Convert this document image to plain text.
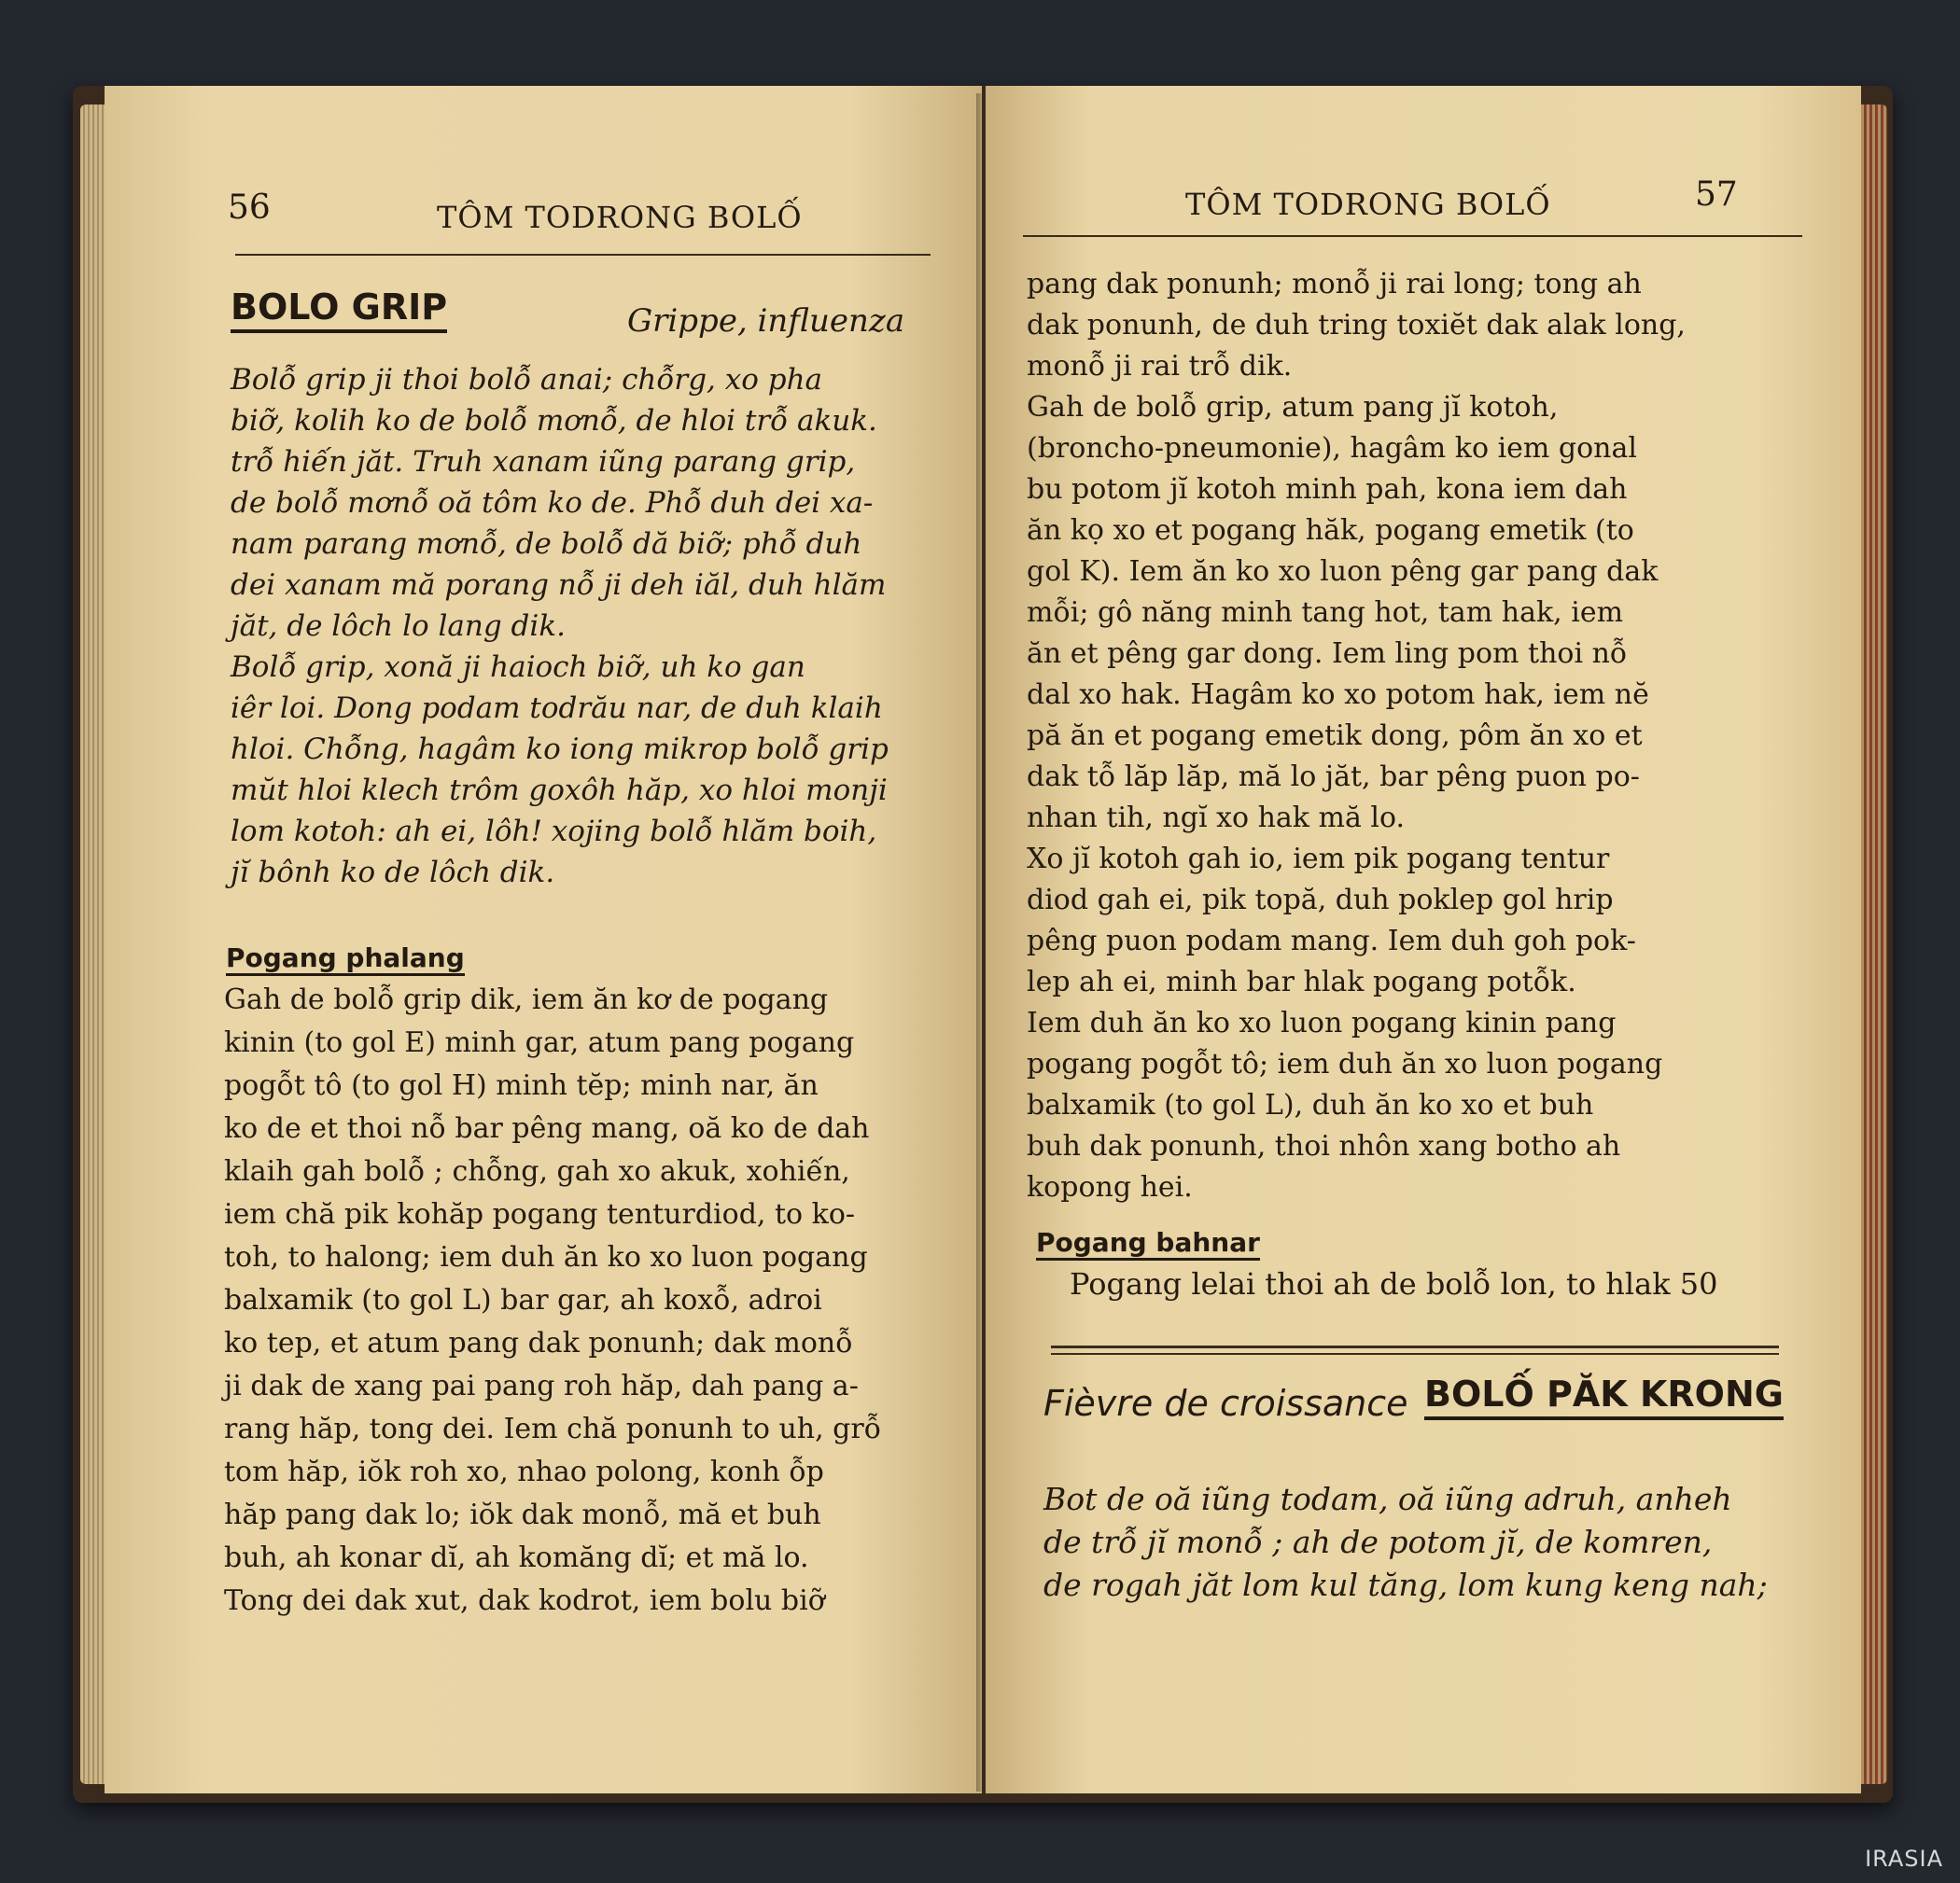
56	TÔM TODRONG BOLỐ
BOLO GRIP	Grippe, influenza
Bolỗ grip ji thoi bolỗ anai; chỗrg, xo pha
biỡ, kolih ko de bolỗ mơnỗ, de hloi trỗ akuk.
trỗ hiến jăt. Truh xanam iũng parang grip,
de bolỗ mơnỗ oă tôm ko de. Phỗ duh dei xa-
nam parang mơnỗ, de bolỗ dă biỡ; phỗ duh
dei xanam mă porang nỗ ji deh iăl, duh hlăm
jăt, de lôch lo lang dik.
Bolỗ grip, xonă ji haioch biỡ, uh ko gan
iêr loi. Dong podam todrău nar, de duh klaih
hloi. Chỗng, hagâm ko iong mikrop bolỗ grip
mŭt hloi klech trôm goxôh hăp, xo hloi monji
lom kotoh: ah ei, lôh! xojing bolỗ hlăm boih,
jĭ bônh ko de lôch dik.
Pogang phalang
Gah de bolỗ grip dik, iem ăn kơ de pogang
kinin (to gol E) minh gar, atum pang pogang
pogỗt tô (to gol H) minh tĕp; minh nar, ăn
ko de et thoi nỗ bar pêng mang, oă ko de dah
klaih gah bolỗ ; chỗng, gah xo akuk, xohiến,
iem chă pik kohăp pogang tenturdiod, to ko-
toh, to halong; iem duh ăn ko xo luon pogang
balxamik (to gol L) bar gar, ah koxỗ, adroi
ko tep, et atum pang dak ponunh; dak monỗ
ji dak de xang pai pang roh hăp, dah pang a-
rang hăp, tong dei. Iem chă ponunh to uh, grỗ
tom hăp, iŏk roh xo, nhao polong, konh ỗp
hăp pang dak lo; iŏk dak monỗ, mă et buh
buh, ah konar dĭ, ah komăng dĭ; et mă lo.
Tong dei dak xut, dak kodrot, iem bolu biỡ
TÔM TODRONG BOLỐ	57
pang dak ponunh; monỗ ji rai long; tong ah
dak ponunh, de duh tring toxiĕt dak alak long,
monỗ ji rai trỗ dik.
Gah de bolỗ grip, atum pang jĭ kotoh,
(broncho-pneumonie), hagâm ko iem gonal
bu potom jĭ kotoh minh pah, kona iem dah
ăn kọ xo et pogang hăk, pogang emetik (to
gol K). Iem ăn ko xo luon pêng gar pang dak
mỗi; gô năng minh tang hot, tam hak, iem
ăn et pêng gar dong. Iem ling pom thoi nỗ
dal xo hak. Hagâm ko xo potom hak, iem nĕ
pă ăn et pogang emetik dong, pôm ăn xo et
dak tỗ lăp lăp, mă lo jăt, bar pêng puon po-
nhan tih, ngĭ xo hak mă lo.
Xo jĭ kotoh gah io, iem pik pogang tentur
diod gah ei, pik topă, duh poklep gol hrip
pêng puon podam mang. Iem duh goh pok-
lep ah ei, minh bar hlak pogang potỗk.
Iem duh ăn ko xo luon pogang kinin pang
pogang pogỗt tô; iem duh ăn xo luon pogang
balxamik (to gol L), duh ăn ko xo et buh
buh dak ponunh, thoi nhôn xang botho ah
kopong hei.
Pogang bahnar
Pogang lelai thoi ah de bolỗ lon, to hlak 50
Fièvre de croissance BOLỐ PĂK KRONG
Bot de oă iũng todam, oă iũng adruh, anheh
de trỗ jĭ monỗ ; ah de potom jĭ, de komren,
de rogah jăt lom kul tăng, lom kung keng nah;
IRASIA
